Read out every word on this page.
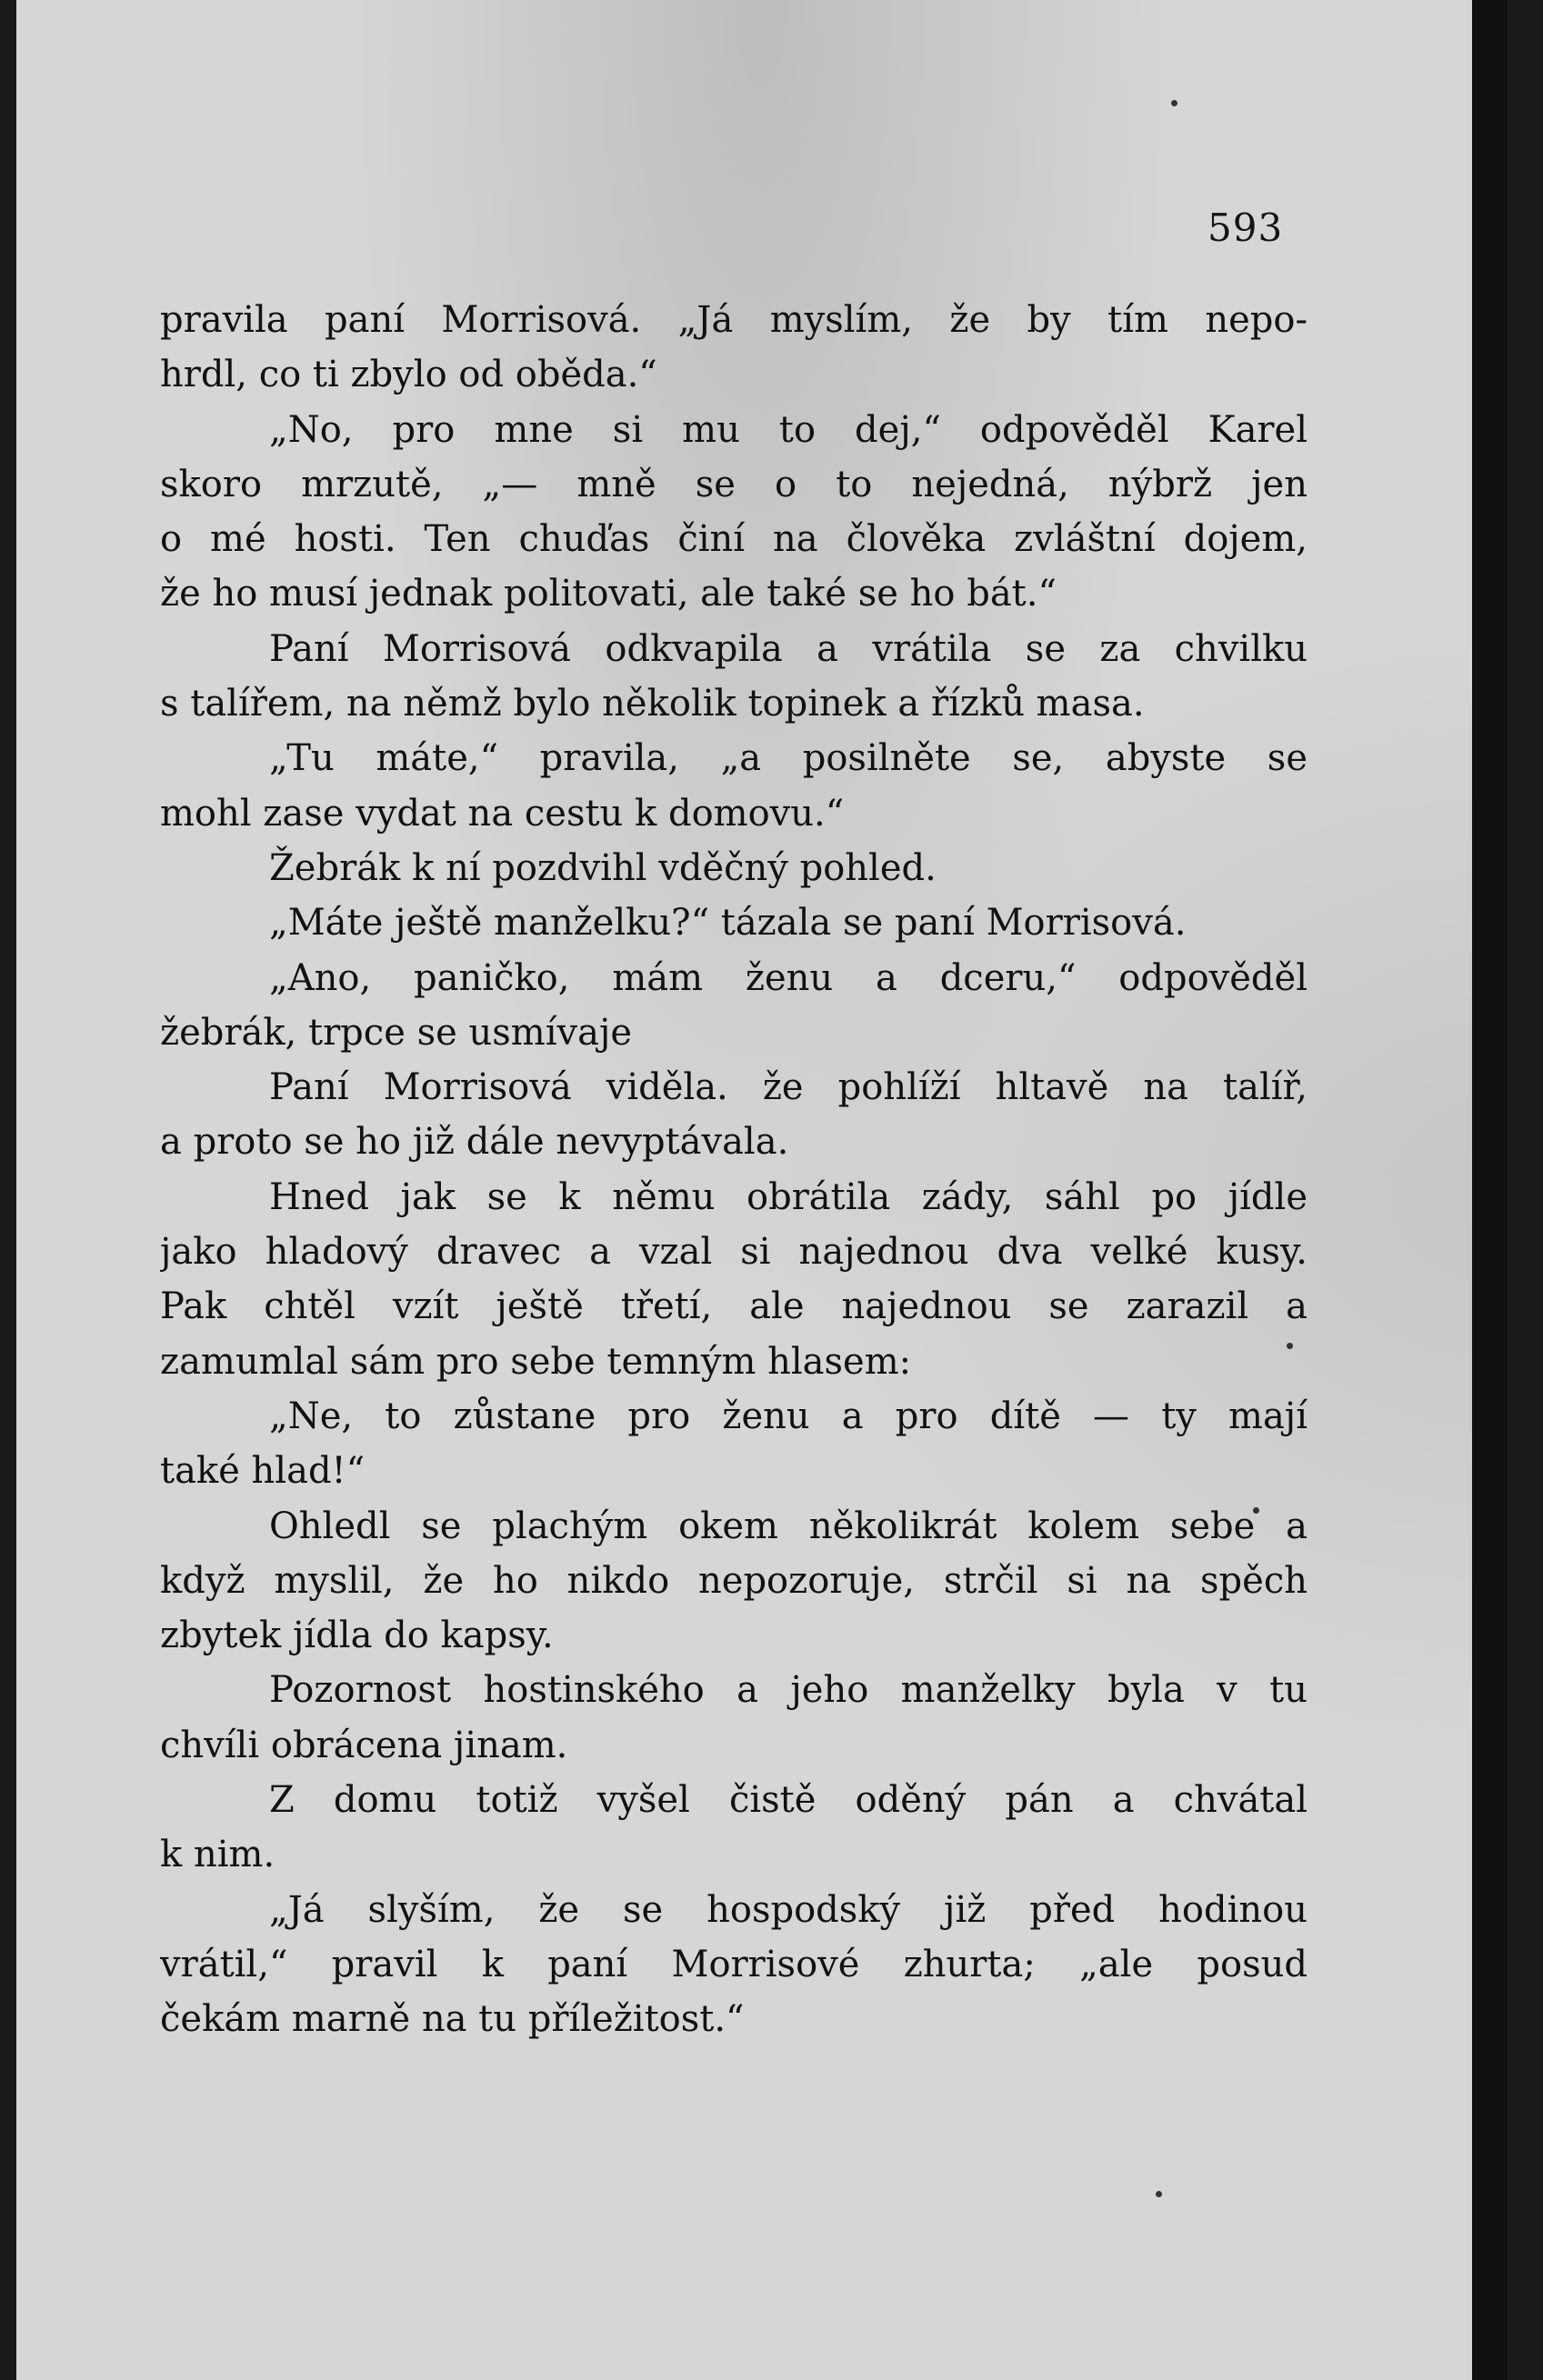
593
pravila paní Morrisová. „Já myslím, že by tím nepo-
hrdl, co ti zbylo od oběda.“
„No, pro mne si mu to dej,“ odpověděl Karel
skoro mrzutě, „— mně se o to nejedná, nýbrž jen
o mé hosti. Ten chuďas činí na člověka zvláštní dojem,
že ho musí jednak politovati, ale také se ho bát.“
Paní Morrisová odkvapila a vrátila se za chvilku
s talířem, na němž bylo několik topinek a řízků masa.
„Tu máte,“ pravila, „a posilněte se, abyste se
mohl zase vydat na cestu k domovu.“
Žebrák k ní pozdvihl vděčný pohled.
„Máte ještě manželku?“ tázala se paní Morrisová.
„Ano, paničko, mám ženu a dceru,“ odpověděl
žebrák, trpce se usmívaje
Paní Morrisová viděla. že pohlíží hltavě na talíř,
a proto se ho již dále nevyptávala.
Hned jak se k němu obrátila zády, sáhl po jídle
jako hladový dravec a vzal si najednou dva velké kusy.
Pak chtěl vzít ještě třetí, ale najednou se zarazil a
zamumlal sám pro sebe temným hlasem:
„Ne, to zůstane pro ženu a pro dítě — ty mají
také hlad!“
Ohledl se plachým okem několikrát kolem sebe a
když myslil, že ho nikdo nepozoruje, strčil si na spěch
zbytek jídla do kapsy.
Pozornost hostinského a jeho manželky byla v tu
chvíli obrácena jinam.
Z domu totiž vyšel čistě oděný pán a chvátal
k nim.
„Já slyším, že se hospodský již před hodinou
vrátil,“ pravil k paní Morrisové zhurta; „ale posud
čekám marně na tu příležitost.“
